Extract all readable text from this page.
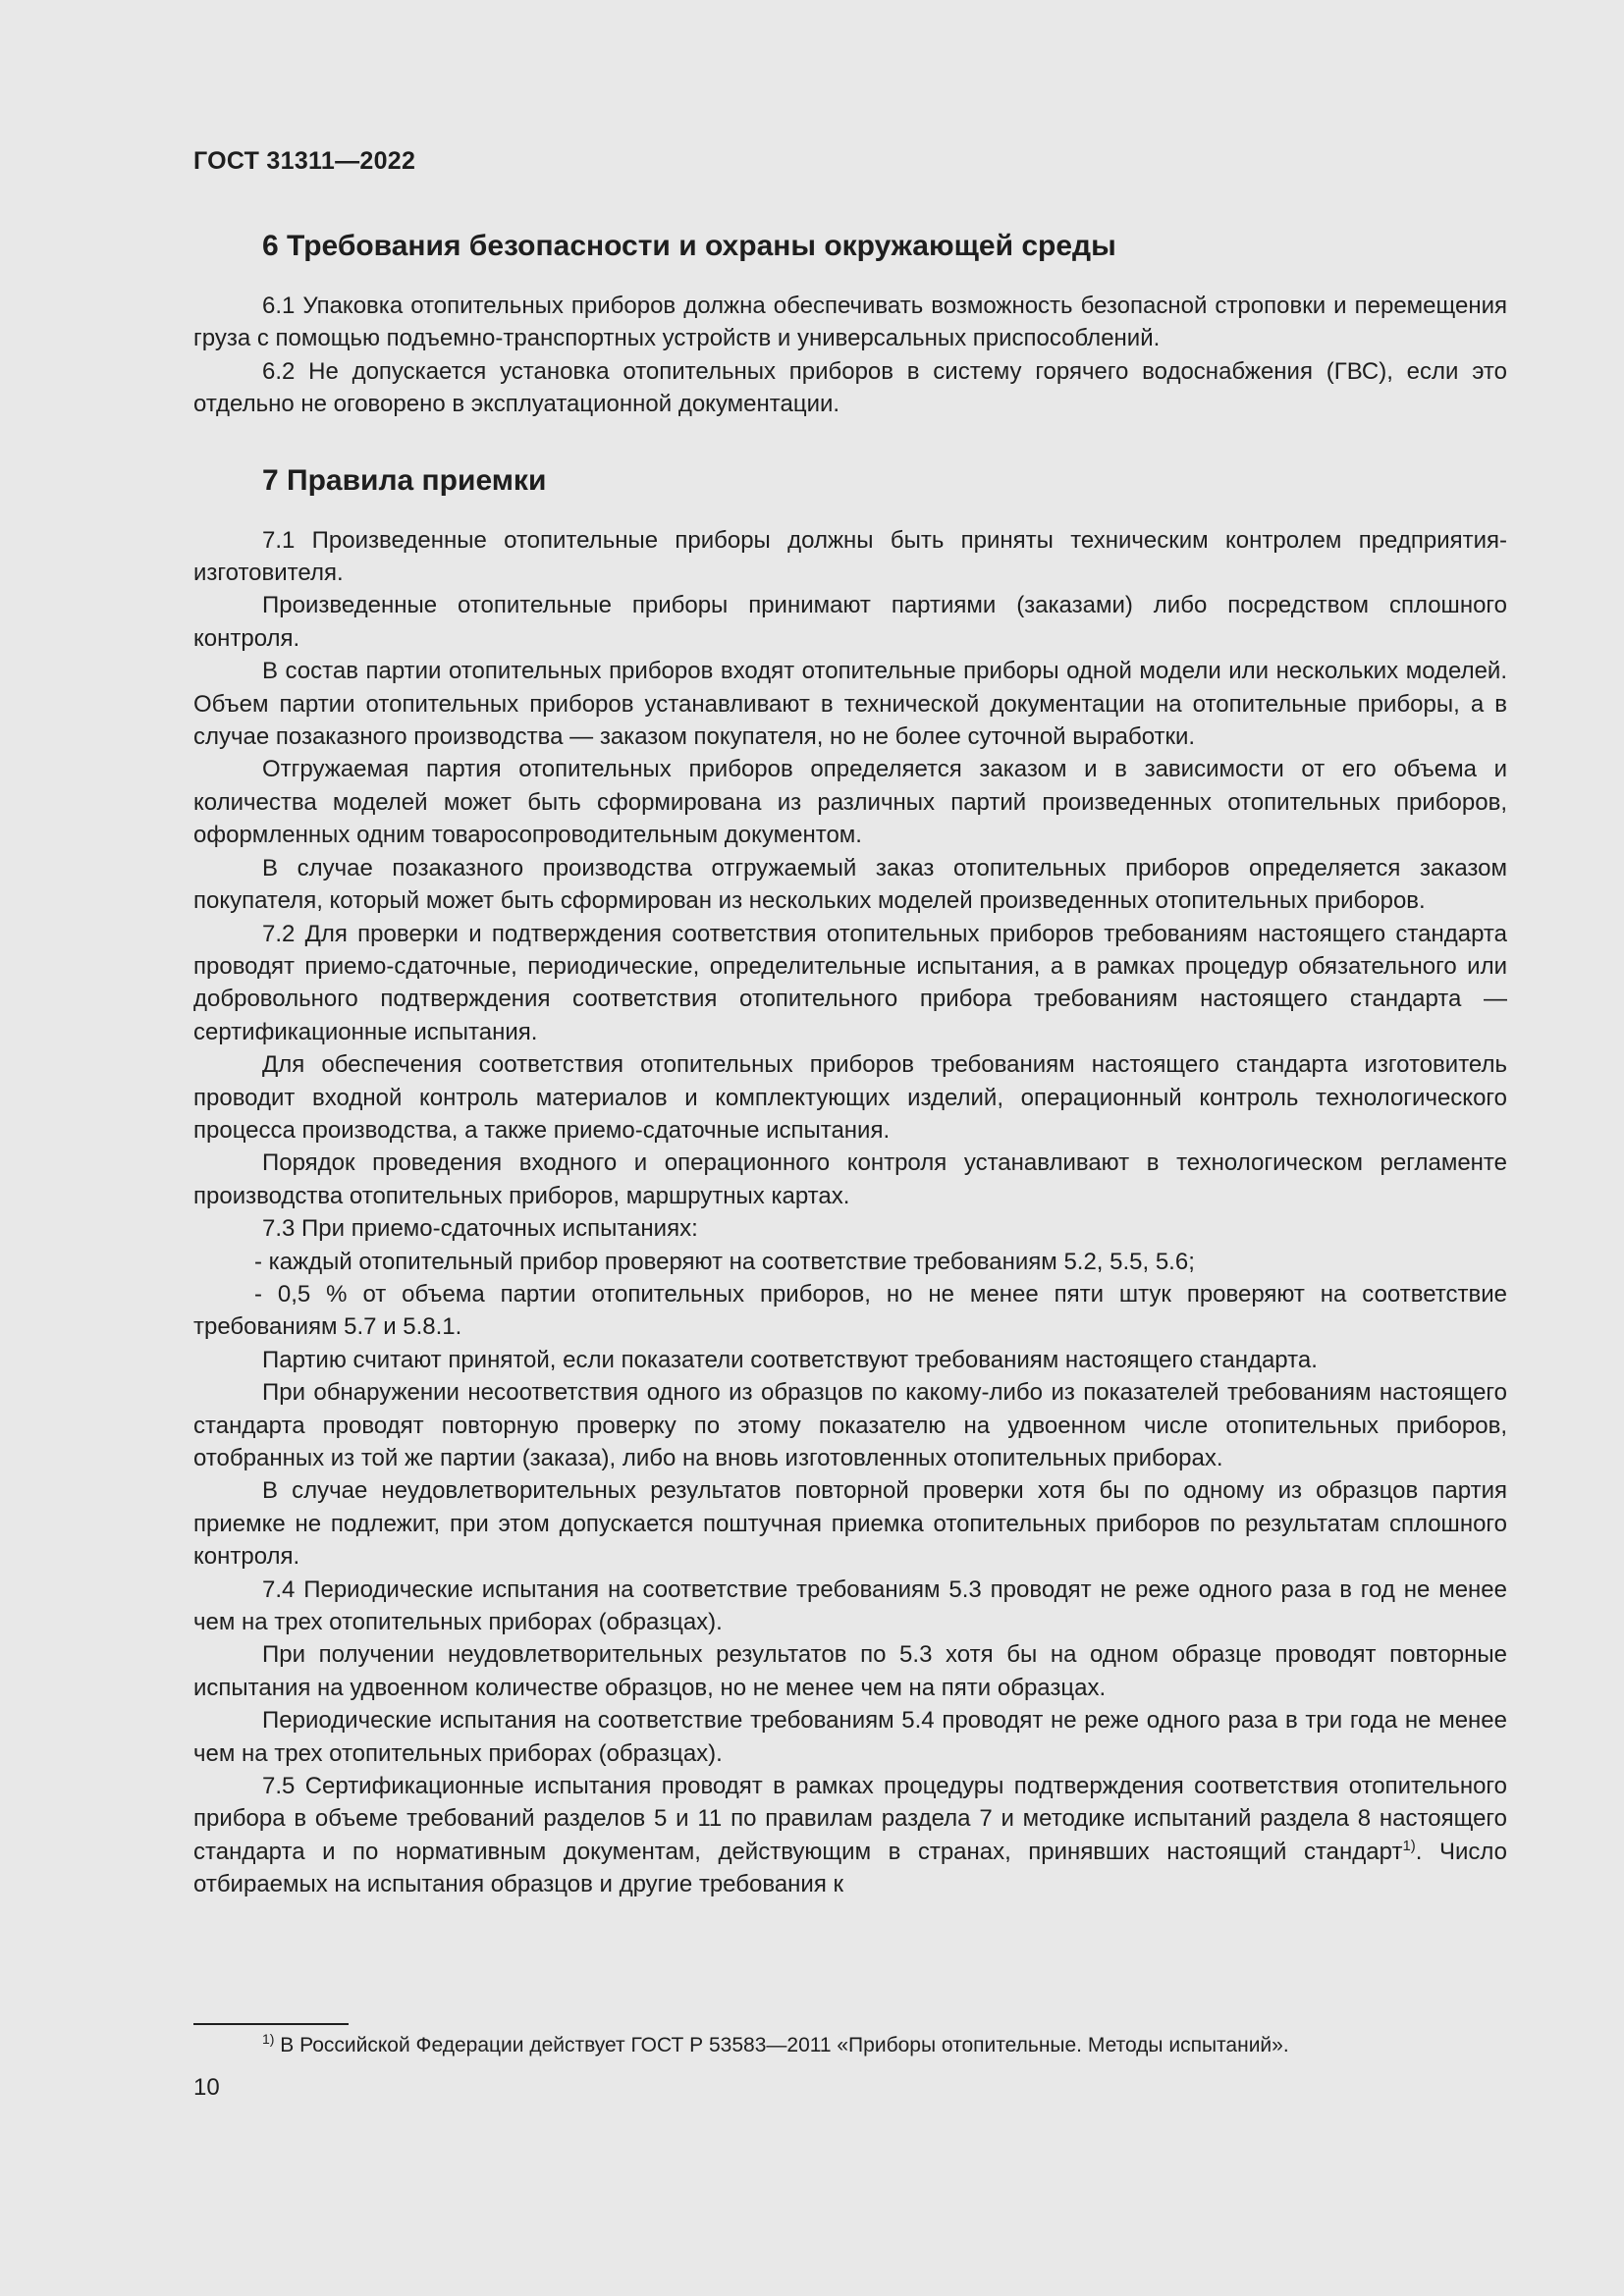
ГОСТ 31311—2022
6 Требования безопасности и охраны окружающей среды

6.1 Упаковка отопительных приборов должна обеспечивать возможность безопасной строповки и перемещения груза с помощью подъемно-транспортных устройств и универсальных приспособлений.

6.2 Не допускается установка отопительных приборов в систему горячего водоснабжения (ГВС), если это отдельно не оговорено в эксплуатационной документации.

7 Правила приемки

7.1 Произведенные отопительные приборы должны быть приняты техническим контролем предприятия-изготовителя.

Произведенные отопительные приборы принимают партиями (заказами) либо посредством сплошного контроля.

В состав партии отопительных приборов входят отопительные приборы одной модели или нескольких моделей. Объем партии отопительных приборов устанавливают в технической документации на отопительные приборы, а в случае позаказного производства — заказом покупателя, но не более суточной выработки.

Отгружаемая партия отопительных приборов определяется заказом и в зависимости от его объема и количества моделей может быть сформирована из различных партий произведенных отопительных приборов, оформленных одним товаросопроводительным документом.

В случае позаказного производства отгружаемый заказ отопительных приборов определяется заказом покупателя, который может быть сформирован из нескольких моделей произведенных отопительных приборов.

7.2 Для проверки и подтверждения соответствия отопительных приборов требованиям настоящего стандарта проводят приемо-сдаточные, периодические, определительные испытания, а в рамках процедур обязательного или добровольного подтверждения соответствия отопительного прибора требованиям настоящего стандарта — сертификационные испытания.

Для обеспечения соответствия отопительных приборов требованиям настоящего стандарта изготовитель проводит входной контроль материалов и комплектующих изделий, операционный контроль технологического процесса производства, а также приемо-сдаточные испытания.

Порядок проведения входного и операционного контроля устанавливают в технологическом регламенте производства отопительных приборов, маршрутных картах.

7.3 При приемо-сдаточных испытаниях:

- каждый отопительный прибор проверяют на соответствие требованиям 5.2, 5.5, 5.6;

- 0,5 % от объема партии отопительных приборов, но не менее пяти штук проверяют на соответствие требованиям 5.7 и 5.8.1.

Партию считают принятой, если показатели соответствуют требованиям настоящего стандарта.

При обнаружении несоответствия одного из образцов по какому-либо из показателей требованиям настоящего стандарта проводят повторную проверку по этому показателю на удвоенном числе отопительных приборов, отобранных из той же партии (заказа), либо на вновь изготовленных отопительных приборах.

В случае неудовлетворительных результатов повторной проверки хотя бы по одному из образцов партия приемке не подлежит, при этом допускается поштучная приемка отопительных приборов по результатам сплошного контроля.

7.4 Периодические испытания на соответствие требованиям 5.3 проводят не реже одного раза в год не менее чем на трех отопительных приборах (образцах).

При получении неудовлетворительных результатов по 5.3 хотя бы на одном образце проводят повторные испытания на удвоенном количестве образцов, но не менее чем на пяти образцах.

Периодические испытания на соответствие требованиям 5.4 проводят не реже одного раза в три года не менее чем на трех отопительных приборах (образцах).

7.5 Сертификационные испытания проводят в рамках процедуры подтверждения соответствия отопительного прибора в объеме требований разделов 5 и 11 по правилам раздела 7 и методике испытаний раздела 8 настоящего стандарта и по нормативным документам, действующим в странах, принявших настоящий стандарт$^{1)}$. Число отбираемых на испытания образцов и другие требования к

$^{1)}$ В Российской Федерации действует ГОСТ Р 53583—2011 «Приборы отопительные. Методы испытаний».
10
